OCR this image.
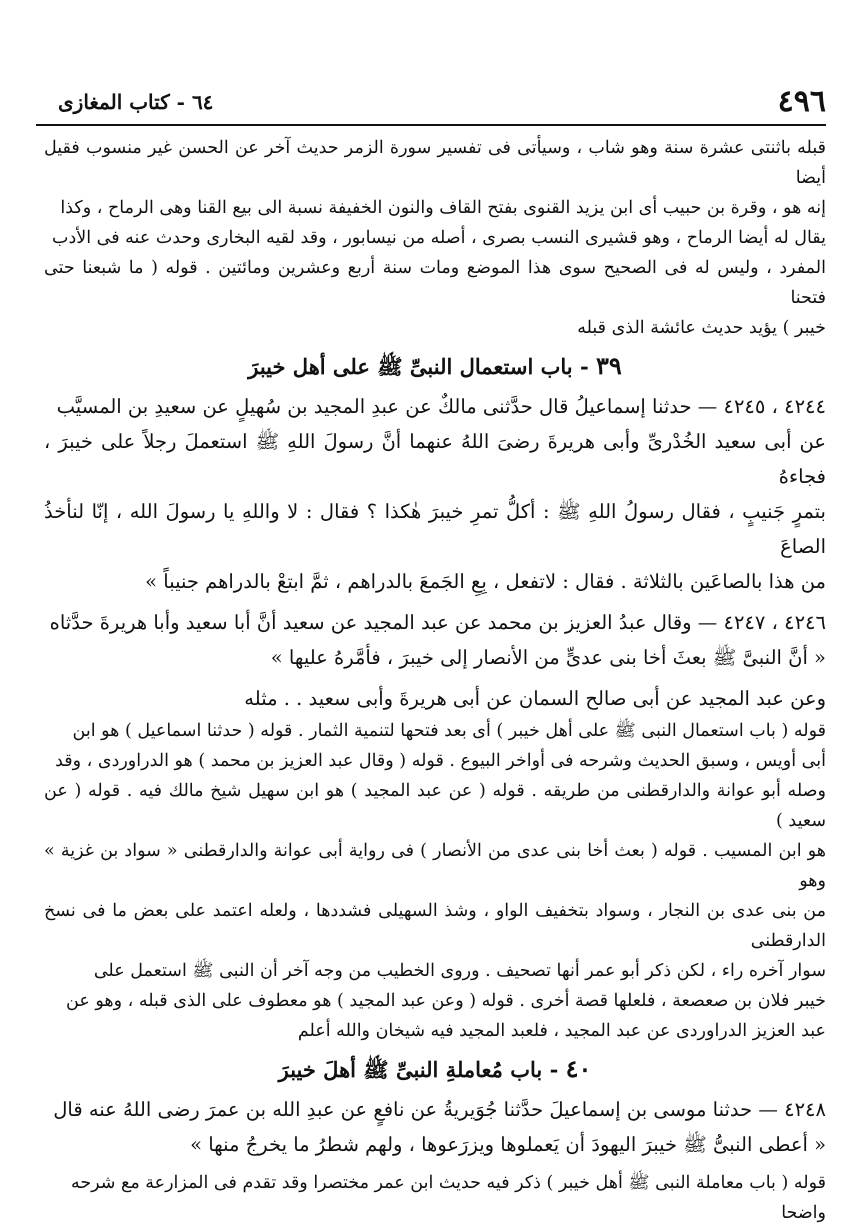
٤٩٦
٦٤ - كتاب المغازى

قبله باثنتى عشرة سنة وهو شاب ، وسيأتى فى تفسير سورة الزمر حديث آخر عن الحسن غير منسوب فقيل أيضا

إنه هو ، وقرة بن حبيب أى ابن يزيد القنوى بفتح القاف والنون الخفيفة نسبة الى بيع القنا وهى الرماح ، وكذا

يقال له أيضا الرماح ، وهو قشيرى النسب بصرى ، أصله من نيسابور ، وقد لقيه البخارى وحدث عنه فى الأدب

المفرد ، وليس له فى الصحيح سوى هذا الموضع ومات سنة أربع وعشرين ومائتين . قوله ( ما شبعنا حتى فتحنا

خيبر ) يؤيد حديث عائشة الذى قبله

٣٩ - باب استعمال النبىِّ ﷺ على أهل خيبرَ

٤٢٤٤ ، ٤٢٤٥ — حدثنا إسماعيلُ قال حدَّثنى مالكٌ عن عبدِ المجيد بن سُهيلٍ عن سعيدِ بن المسيَّب

عن أبى سعيد الخُدْرىِّ وأبى هريرةَ رضىَ اللهُ عنهما أنَّ رسولَ اللهِ ﷺ استعملَ رجلاً على خيبرَ ، فجاءهُ

بتمرٍ جَنيبٍ ، فقال رسولُ اللهِ ﷺ : أكلُّ تمرِ خيبرَ هٰكذا ؟ فقال : لا واللهِ يا رسولَ الله ، إنّا لنأخذُ الصاعَ

من هذا بالصاعَين بالثلاثة . فقال : لاتفعل ، بِعِ الجَمعَ بالدراهم ، ثمَّ ابتعْ بالدراهم جنيباً »

٤٢٤٦ ، ٤٢٤٧ — وقال عبدُ العزيز بن محمد عن عبد المجيد عن سعيد أنَّ أبا سعيد وأبا هريرةَ حدَّثاه

« أنَّ النبىَّ ﷺ بعثَ أخا بنى عدىٍّ من الأنصار إلى خيبرَ ، فأمَّرهُ عليها »

وعن عبد المجيد عن أبى صالح السمان عن أبى هريرةَ وأبى سعيد . . مثله

قوله ( باب استعمال النبى ﷺ على أهل خيبر ) أى بعد فتحها لتنمية الثمار . قوله ( حدثنا اسماعيل ) هو ابن

أبى أويس ، وسبق الحديث وشرحه فى أواخر البيوع . قوله ( وقال عبد العزيز بن محمد ) هو الدراوردى ، وقد

وصله أبو عوانة والدارقطنى من طريقه . قوله ( عن عبد المجيد ) هو ابن سهيل شيخ مالك فيه . قوله ( عن سعيد )

هو ابن المسيب . قوله ( بعث أخا بنى عدى من الأنصار ) فى رواية أبى عوانة والدارقطنى « سواد بن غزية » وهو

من بنى عدى بن النجار ، وسواد بتخفيف الواو ، وشذ السهيلى فشددها ، ولعله اعتمد على بعض ما فى نسخ الدارقطنى

سوار آخره راء ، لكن ذكر أبو عمر أنها تصحيف . وروى الخطيب من وجه آخر أن النبى ﷺ استعمل على

خيبر فلان بن صعصعة ، فلعلها قصة أخرى . قوله ( وعن عبد المجيد ) هو معطوف على الذى قبله ، وهو عن

عبد العزيز الدراوردى عن عبد المجيد ، فلعبد المجيد فيه شيخان والله أعلم

٤٠ - باب مُعاملةِ النبىِّ ﷺ أهلَ خيبرَ

٤٢٤٨ — حدثنا موسى بن إسماعيلَ حدَّثنا جُوَيريةُ عن نافعٍ عن عبدِ الله بن عمرَ رضى اللهُ عنه قال

« أعطى النبىُّ ﷺ خيبرَ اليهودَ أن يَعملوها ويزرَعوها ، ولهم شطرُ ما يخرجُ منها »

قوله ( باب معاملة النبى ﷺ أهل خيبر ) ذكر فيه حديث ابن عمر مختصرا وقد تقدم فى المزارعة مع شرحه

واضحا
